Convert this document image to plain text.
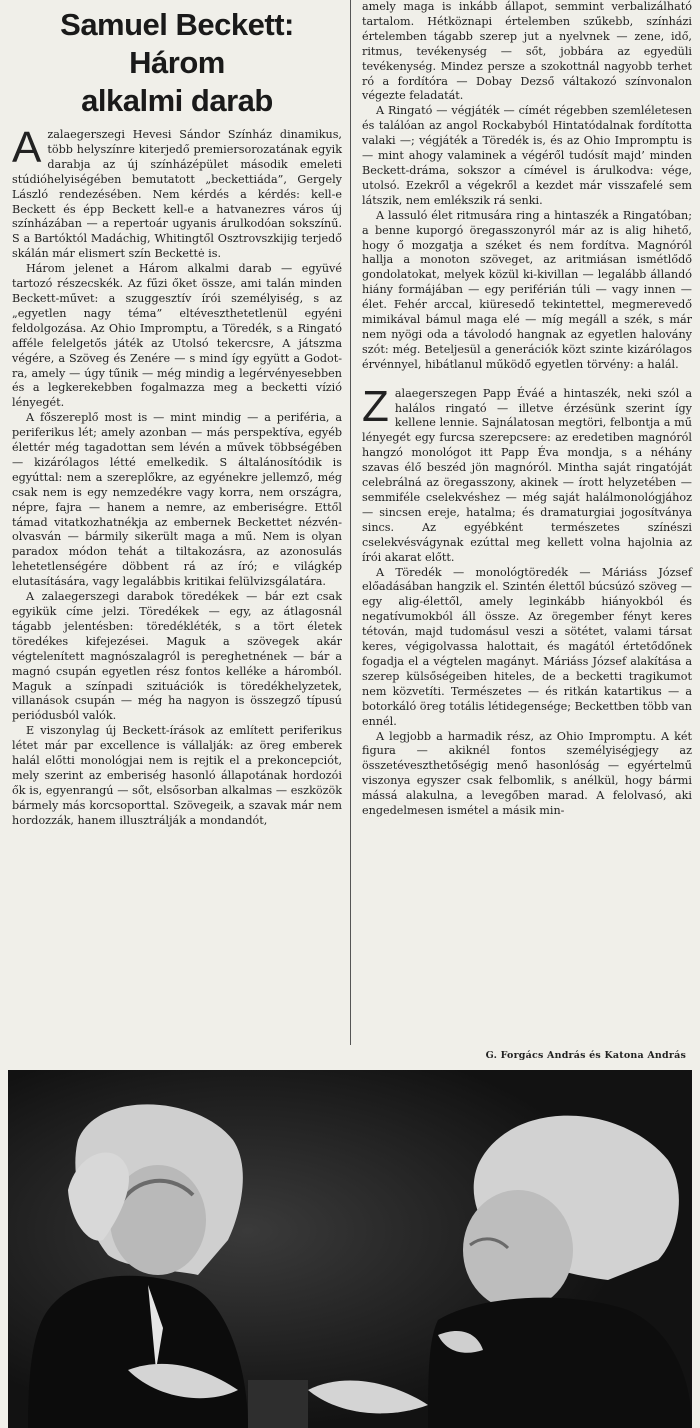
Samuel Beckett:
Három
alkalmi darab

A zalaegerszegi Hevesi Sándor Színház dinamikus, több helyszínre kiterjedő premiersorozatának egyik darabja az új színházépület második emeleti stúdióhelyiségében bemutatott „beckettiáda”, Gergely László rendezésében. Nem kérdés a kérdés: kell-e Beckett és épp Beckett kell-e a hatvanezres város új színházában — a repertoár ugyanis árulkodóan sokszínű. S a Bartóktól Madáchig, Whitingtől Osztrovszkijig terjedő skálán már elismert szín Beckettė is.

Három jelenet a Három alkalmi darab — együvé tartozó részecskék. Az fűzi őket össze, ami talán minden Beckett-művet: a szuggesztív írói személyiség, s az „egyetlen nagy téma” eltéveszthetetlenül egyéni feldolgozása. Az Ohio Impromptu, a Töredék, s a Ringató afféle felelgetős játék az Utolsó tekercsre, A játszma végére, a Szöveg és Zenére — s mind így együtt a Godot-ra, amely — úgy tűnik — még mindig a legérvényesebben és a legkerekebben fogalmazza meg a becketti vízió lényegét.

A főszereplő most is — mint mindig — a periféria, a periferikus lét; amely azonban — más perspektíva, egyéb élettér még tagadottan sem lévén a művek többségében — kizárólagos létté emelkedik. S általánosítódik is egyúttal: nem a szereplőkre, az egyénekre jellemző, még csak nem is egy nemzedékre vagy korra, nem országra, népre, fajra — hanem a nemre, az emberiségre. Ettől támad vitatkozhatnékja az embernek Beckettet nézvén-olvasván — bármily sikerült maga a mű. Nem is olyan paradox módon tehát a tiltakozásra, az azonosulás lehetetlenségére döbbent rá az író; e világkép elutasítására, vagy legalábbis kritikai felülvizsgálatára.

A zalaegerszegi darabok töredékek — bár ezt csak egyikük címe jelzi. Töredékek — egy, az átlagosnál tágabb jelentésben: töredékléték, s a tört életek töredékes kifejezései. Maguk a szövegek akár végtelenített magnószalagról is pereghetnének — bár a magnó csupán egyetlen rész fontos kelléke a háromból. Maguk a színpadi szituációk is töredékhelyzetek, villanások csupán — még ha nagyon is összegző típusú periódusból valók.

E viszonylag új Beckett-írások az említett periferikus létet már par excellence is vállalják: az öreg emberek halál előtti monológjai nem is rejtik el a prekoncepciót, mely szerint az emberiség hasonló állapotának hordozói ők is, egyenrangú — sőt, elsősorban alkalmas — eszközök bármely más korcsoporttal. Szövegeik, a szavak már nem hordozzák, hanem illusztrálják a mondandót,

amely maga is inkább állapot, semmint verbalizálható tartalom. Hétköznapi értelemben szűkebb, színházi értelemben tágabb szerep jut a nyelvnek — zene, idő, ritmus, tevékenység — sőt, jobbára az egyedüli tevékenység. Mindez persze a szokottnál nagyobb terhet ró a fordítóra — Dobay Dezső váltakozó színvonalon végezte feladatát.

A Ringató — végjáték — címét régebben szemléletesen és találóan az angol Rockabyból Hintatódalnak fordította valaki —; végjáték a Töredék is, és az Ohio Impromptu is — mint ahogy valaminek a végéről tudósít majd’ minden Beckett-dráma, sokszor a címével is árulkodva: vége, utolsó. Ezekről a végekről a kezdet már visszafelé sem látszik, nem emlékszik rá senki.

A lassuló élet ritmusára ring a hintaszék a Ringatóban; a benne kuporgó öregasszonyról már az is alig hihető, hogy ő mozgatja a széket és nem fordítva. Magnóról hallja a monoton szöveget, az aritmiásan ismétlődő gondolatokat, melyek közül ki-kivillan — legalább állandó hiány formájában — egy periférián túli — vagy innen — élet. Fehér arccal, kiüresedő tekintettel, megmerevedő mimikával bámul maga elé — míg megáll a szék, s már nem nyögi oda a távolodó hangnak az egyetlen halovány szót: még. Beteljesül a generációk közt szinte kizárólagos érvénnyel, hibátlanul működő egyetlen törvény: a halál.

Z alaegerszegen Papp Éváé a hintaszék, neki szól a halálos ringató — illetve érzésünk szerint így kellene lennie. Sajnálatosan megtöri, felbontja a mű lényegét egy furcsa szerepcsere: az eredetiben magnóról hangzó monológot itt Papp Éva mondja, s a néhány szavas élő beszéd jön magnóról. Mintha saját ringatóját celebrálná az öregasszony, akinek — írott helyzetében — semmiféle cselekvéshez — még saját halálmonológjához — sincsen ereje, hatalma; és dramaturgiai jogosítványa sincs. Az egyébként természetes színészi cselekvésvágynak ezúttal meg kellett volna hajolnia az írói akarat előtt.

A Töredék — monológtöredék — Máriáss József előadásában hangzik el. Szintén élettől búcsúzó szöveg — egy alig-élettől, amely leginkább hiányokból és negatívumokból áll össze. Az öregember fényt keres tétován, majd tudomásul veszi a sötétet, valami társat keres, végigolvassa halottait, és magától értetődőnek fogadja el a végtelen magányt. Máriáss József alakítása a szerep külsőségeiben hiteles, de a becketti tragikumot nem közvetíti. Természetes — és ritkán katartikus — a botorkáló öreg totális létidegensége; Beckettben több van ennél.

A legjobb a harmadik rész, az Ohio Impromptu. A két figura — akiknél fontos személyiségjegy az összetéveszthetőségig menő hasonlóság — egyértelmű viszonya egyszer csak felbomlik, s anélkül, hogy bármi mássá alakulna, a levegőben marad. A felolvasó, aki engedelmesen ismétel a másik min-

G. Forgács András és Katona András
